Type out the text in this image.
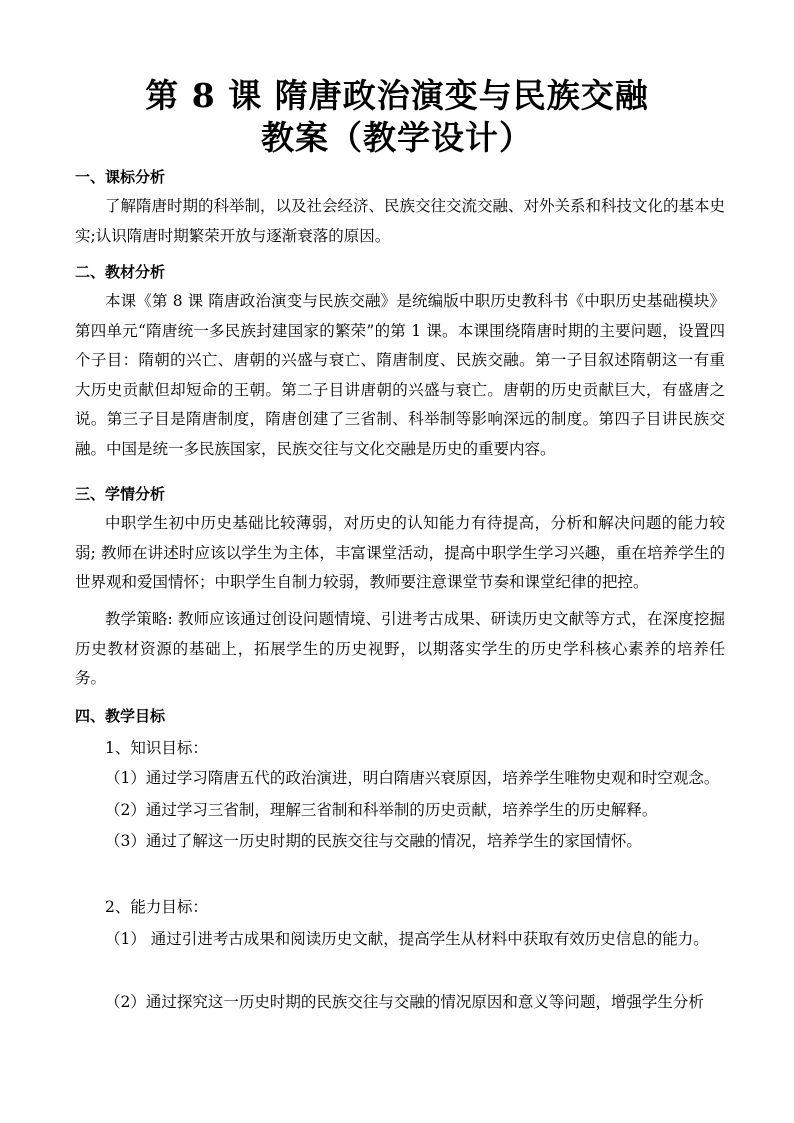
第 8 课 隋唐政治演变与民族交融
教案（教学设计）
一、课标分析
了解隋唐时期的科举制，以及社会经济、民族交往交流交融、对外关系和科技文化的基本史实;认识隋唐时期繁荣开放与逐渐衰落的原因。
二、教材分析
本课《第 8 课 隋唐政治演变与民族交融》是统编版中职历史教科书《中职历史基础模块》第四单元“隋唐统一多民族封建国家的繁荣”的第 1 课。本课围绕隋唐时期的主要问题，设置四个子目：隋朝的兴亡、唐朝的兴盛与衰亡、隋唐制度、民族交融。第一子目叙述隋朝这一有重大历史贡献但却短命的王朝。第二子目讲唐朝的兴盛与衰亡。唐朝的历史贡献巨大，有盛唐之说。第三子目是隋唐制度，隋唐创建了三省制、科举制等影响深远的制度。第四子目讲民族交融。中国是统一多民族国家，民族交往与文化交融是历史的重要内容。
三、学情分析
中职学生初中历史基础比较薄弱，对历史的认知能力有待提高，分析和解决问题的能力较弱; 教师在讲述时应该以学生为主体，丰富课堂活动，提高中职学生学习兴趣，重在培养学生的世界观和爱国情怀；中职学生自制力较弱，教师要注意课堂节奏和课堂纪律的把控。
教学策略: 教师应该通过创设问题情境、引进考古成果、研读历史文献等方式，在深度挖掘历史教材资源的基础上，拓展学生的历史视野，以期落实学生的历史学科核心素养的培养任务。
四、教学目标
1、知识目标：
（1）通过学习隋唐五代的政治演进，明白隋唐兴衰原因，培养学生唯物史观和时空观念。
（2）通过学习三省制，理解三省制和科举制的历史贡献，培养学生的历史解释。
（3）通过了解这一历史时期的民族交往与交融的情况，培养学生的家国情怀。
2、能力目标：
（1） 通过引进考古成果和阅读历史文献，提高学生从材料中获取有效历史信息的能力。
（2）通过探究这一历史时期的民族交往与交融的情况原因和意义等问题，增强学生分析
